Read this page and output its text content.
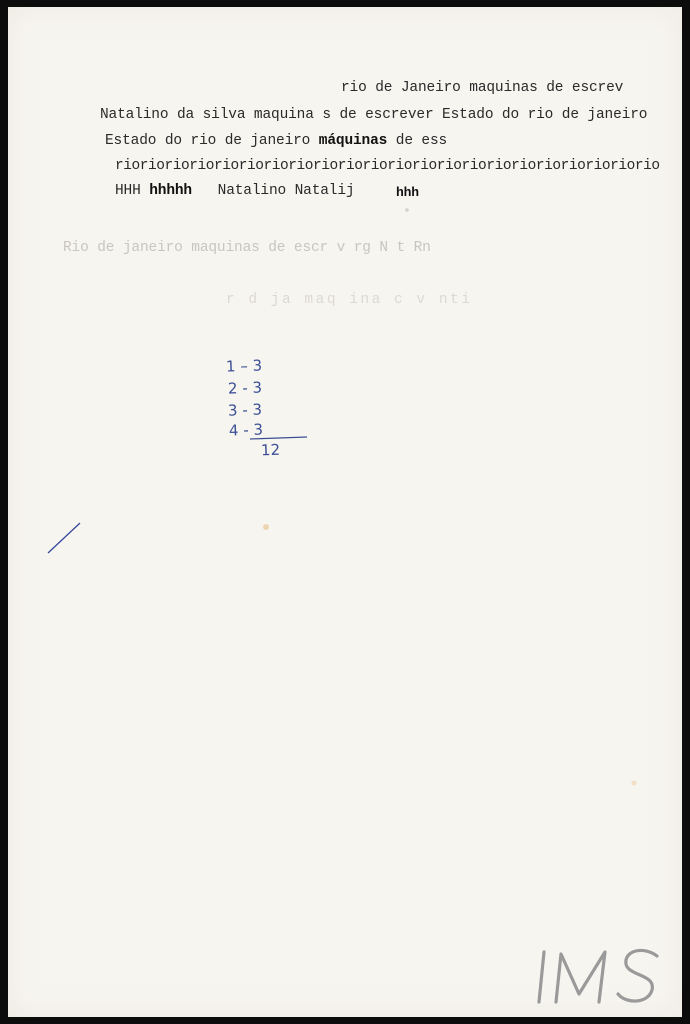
rio de Janeiro maquinas de escrev
Natalino da silva maquina s de escrever Estado do rio de janeiro
Estado do rio de janeiro máquinas de ess
riorioriorioriorioriorioriorioriorioriorioriorioriorioriorioriorio
HHH hhhhh Natalino Natalij	hhh
Rio de janeiro maquinas de escr v rg N t Rn
r d ja maq ina c v nti
1 – 3
2 - 3
3 - 3
4 - 3
12
